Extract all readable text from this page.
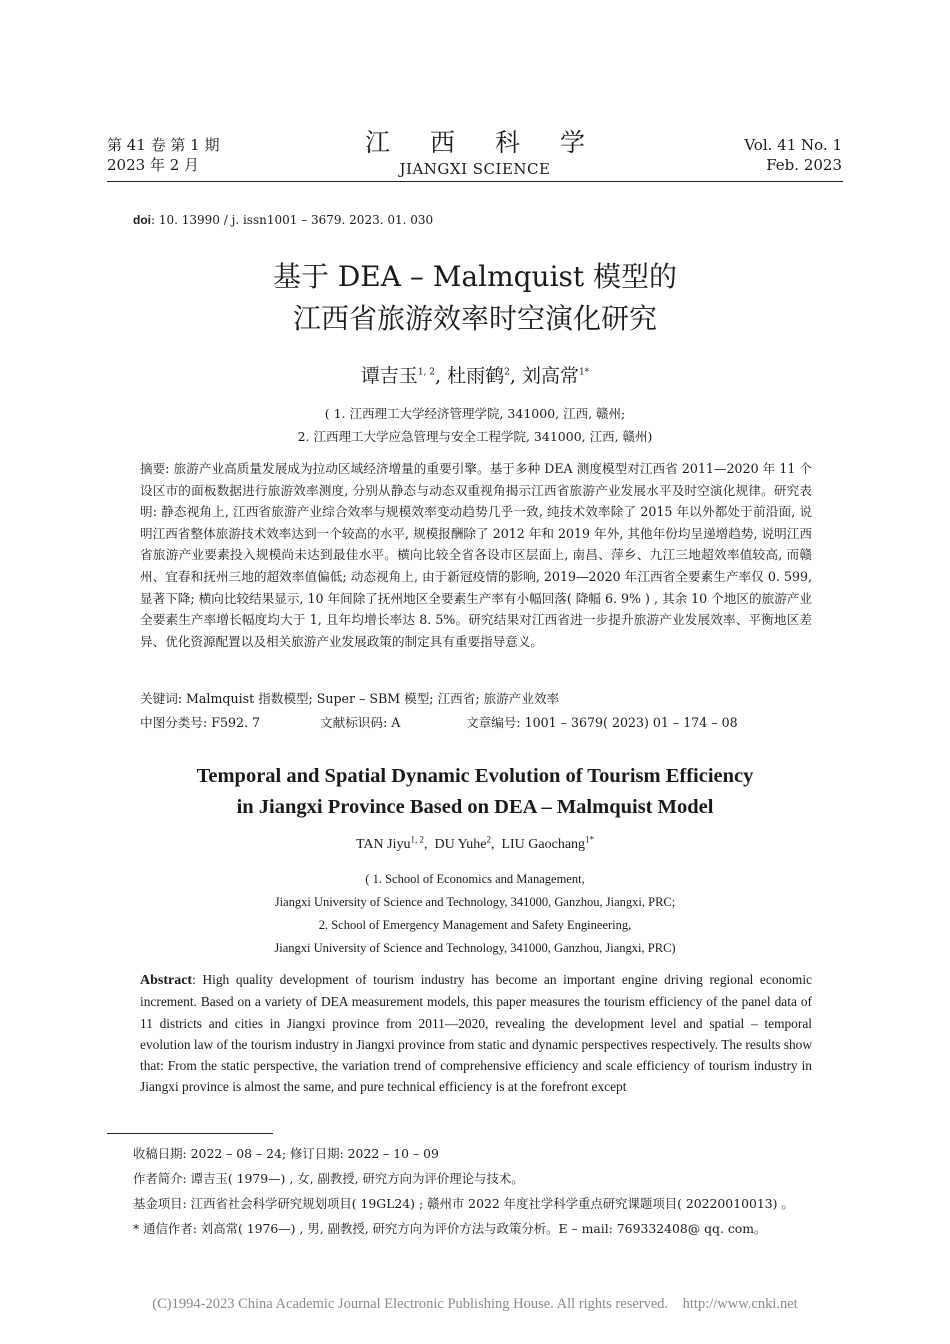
第 41 卷 第 1 期
2023 年 2 月
江西科学
JIANGXI SCIENCE
Vol. 41 No. 1
Feb. 2023
doi: 10. 13990 / j. issn1001 – 3679. 2023. 01. 030
基于 DEA – Malmquist 模型的
江西省旅游效率时空演化研究
谭吉玉$^{1, 2}$, 杜雨鹤$^2$, 刘高常$^{1*}$
( 1. 江西理工大学经济管理学院, 341000, 江西, 赣州;
2. 江西理工大学应急管理与安全工程学院, 341000, 江西, 赣州)
摘要: 旅游产业高质量发展成为拉动区域经济增量的重要引擎。基于多种 DEA 测度模型对江西省 2011—2020 年 11 个设区市的面板数据进行旅游效率测度, 分别从静态与动态双重视角揭示江西省旅游产业发展水平及时空演化规律。研究表明: 静态视角上, 江西省旅游产业综合效率与规模效率变动趋势几乎一致, 纯技术效率除了 2015 年以外都处于前沿面, 说明江西省整体旅游技术效率达到一个较高的水平, 规模报酬除了 2012 年和 2019 年外, 其他年份均呈递增趋势, 说明江西省旅游产业要素投入规模尚未达到最佳水平。横向比较全省各设市区层面上, 南昌、萍乡、九江三地超效率值较高, 而赣州、宜春和抚州三地的超效率值偏低; 动态视角上, 由于新冠疫情的影响, 2019—2020 年江西省全要素生产率仅 0. 599, 显著下降; 横向比较结果显示, 10 年间除了抚州地区全要素生产率有小幅回落( 降幅 6. 9% ) , 其余 10 个地区的旅游产业全要素生产率增长幅度均大于 1, 且年均增长率达 8. 5%。研究结果对江西省进一步提升旅游产业发展效率、平衡地区差异、优化资源配置以及相关旅游产业发展政策的制定具有重要指导意义。
关键词: Malmquist 指数模型; Super – SBM 模型; 江西省; 旅游产业效率
中图分类号: F592. 7	文献标识码: A	文章编号: 1001 – 3679( 2023) 01 – 174 – 08
Temporal and Spatial Dynamic Evolution of Tourism Efficiency
in Jiangxi Province Based on DEA – Malmquist Model
TAN Jiyu$^{1, 2}$,  DU Yuhe$^2$,  LIU Gaochang$^{1*}$
( 1. School of Economics and Management,
Jiangxi University of Science and Technology, 341000, Ganzhou, Jiangxi, PRC;
2. School of Emergency Management and Safety Engineering,
Jiangxi University of Science and Technology, 341000, Ganzhou, Jiangxi, PRC)
Abstract: High quality development of tourism industry has become an important engine driving regional economic increment. Based on a variety of DEA measurement models, this paper measures the tourism efficiency of the panel data of 11 districts and cities in Jiangxi province from 2011—2020, revealing the development level and spatial – temporal evolution law of the tourism industry in Jiangxi province from static and dynamic perspectives respectively. The results show that: From the static perspective, the variation trend of comprehensive efficiency and scale efficiency of tourism industry in Jiangxi province is almost the same, and pure technical efficiency is at the forefront except
收稿日期: 2022 – 08 – 24; 修订日期: 2022 – 10 – 09
作者简介: 谭吉玉( 1979—) , 女, 副教授, 研究方向为评价理论与技术。
基金项目: 江西省社会科学研究规划项目( 19GL24) ; 赣州市 2022 年度社学科学重点研究课题项目( 20220010013) 。
* 通信作者: 刘高常( 1976—) , 男, 副教授, 研究方向为评价方法与政策分析。E – mail: 769332408@ qq. com。
(C)1994-2023 China Academic Journal Electronic Publishing House. All rights reserved.    http://www.cnki.net
